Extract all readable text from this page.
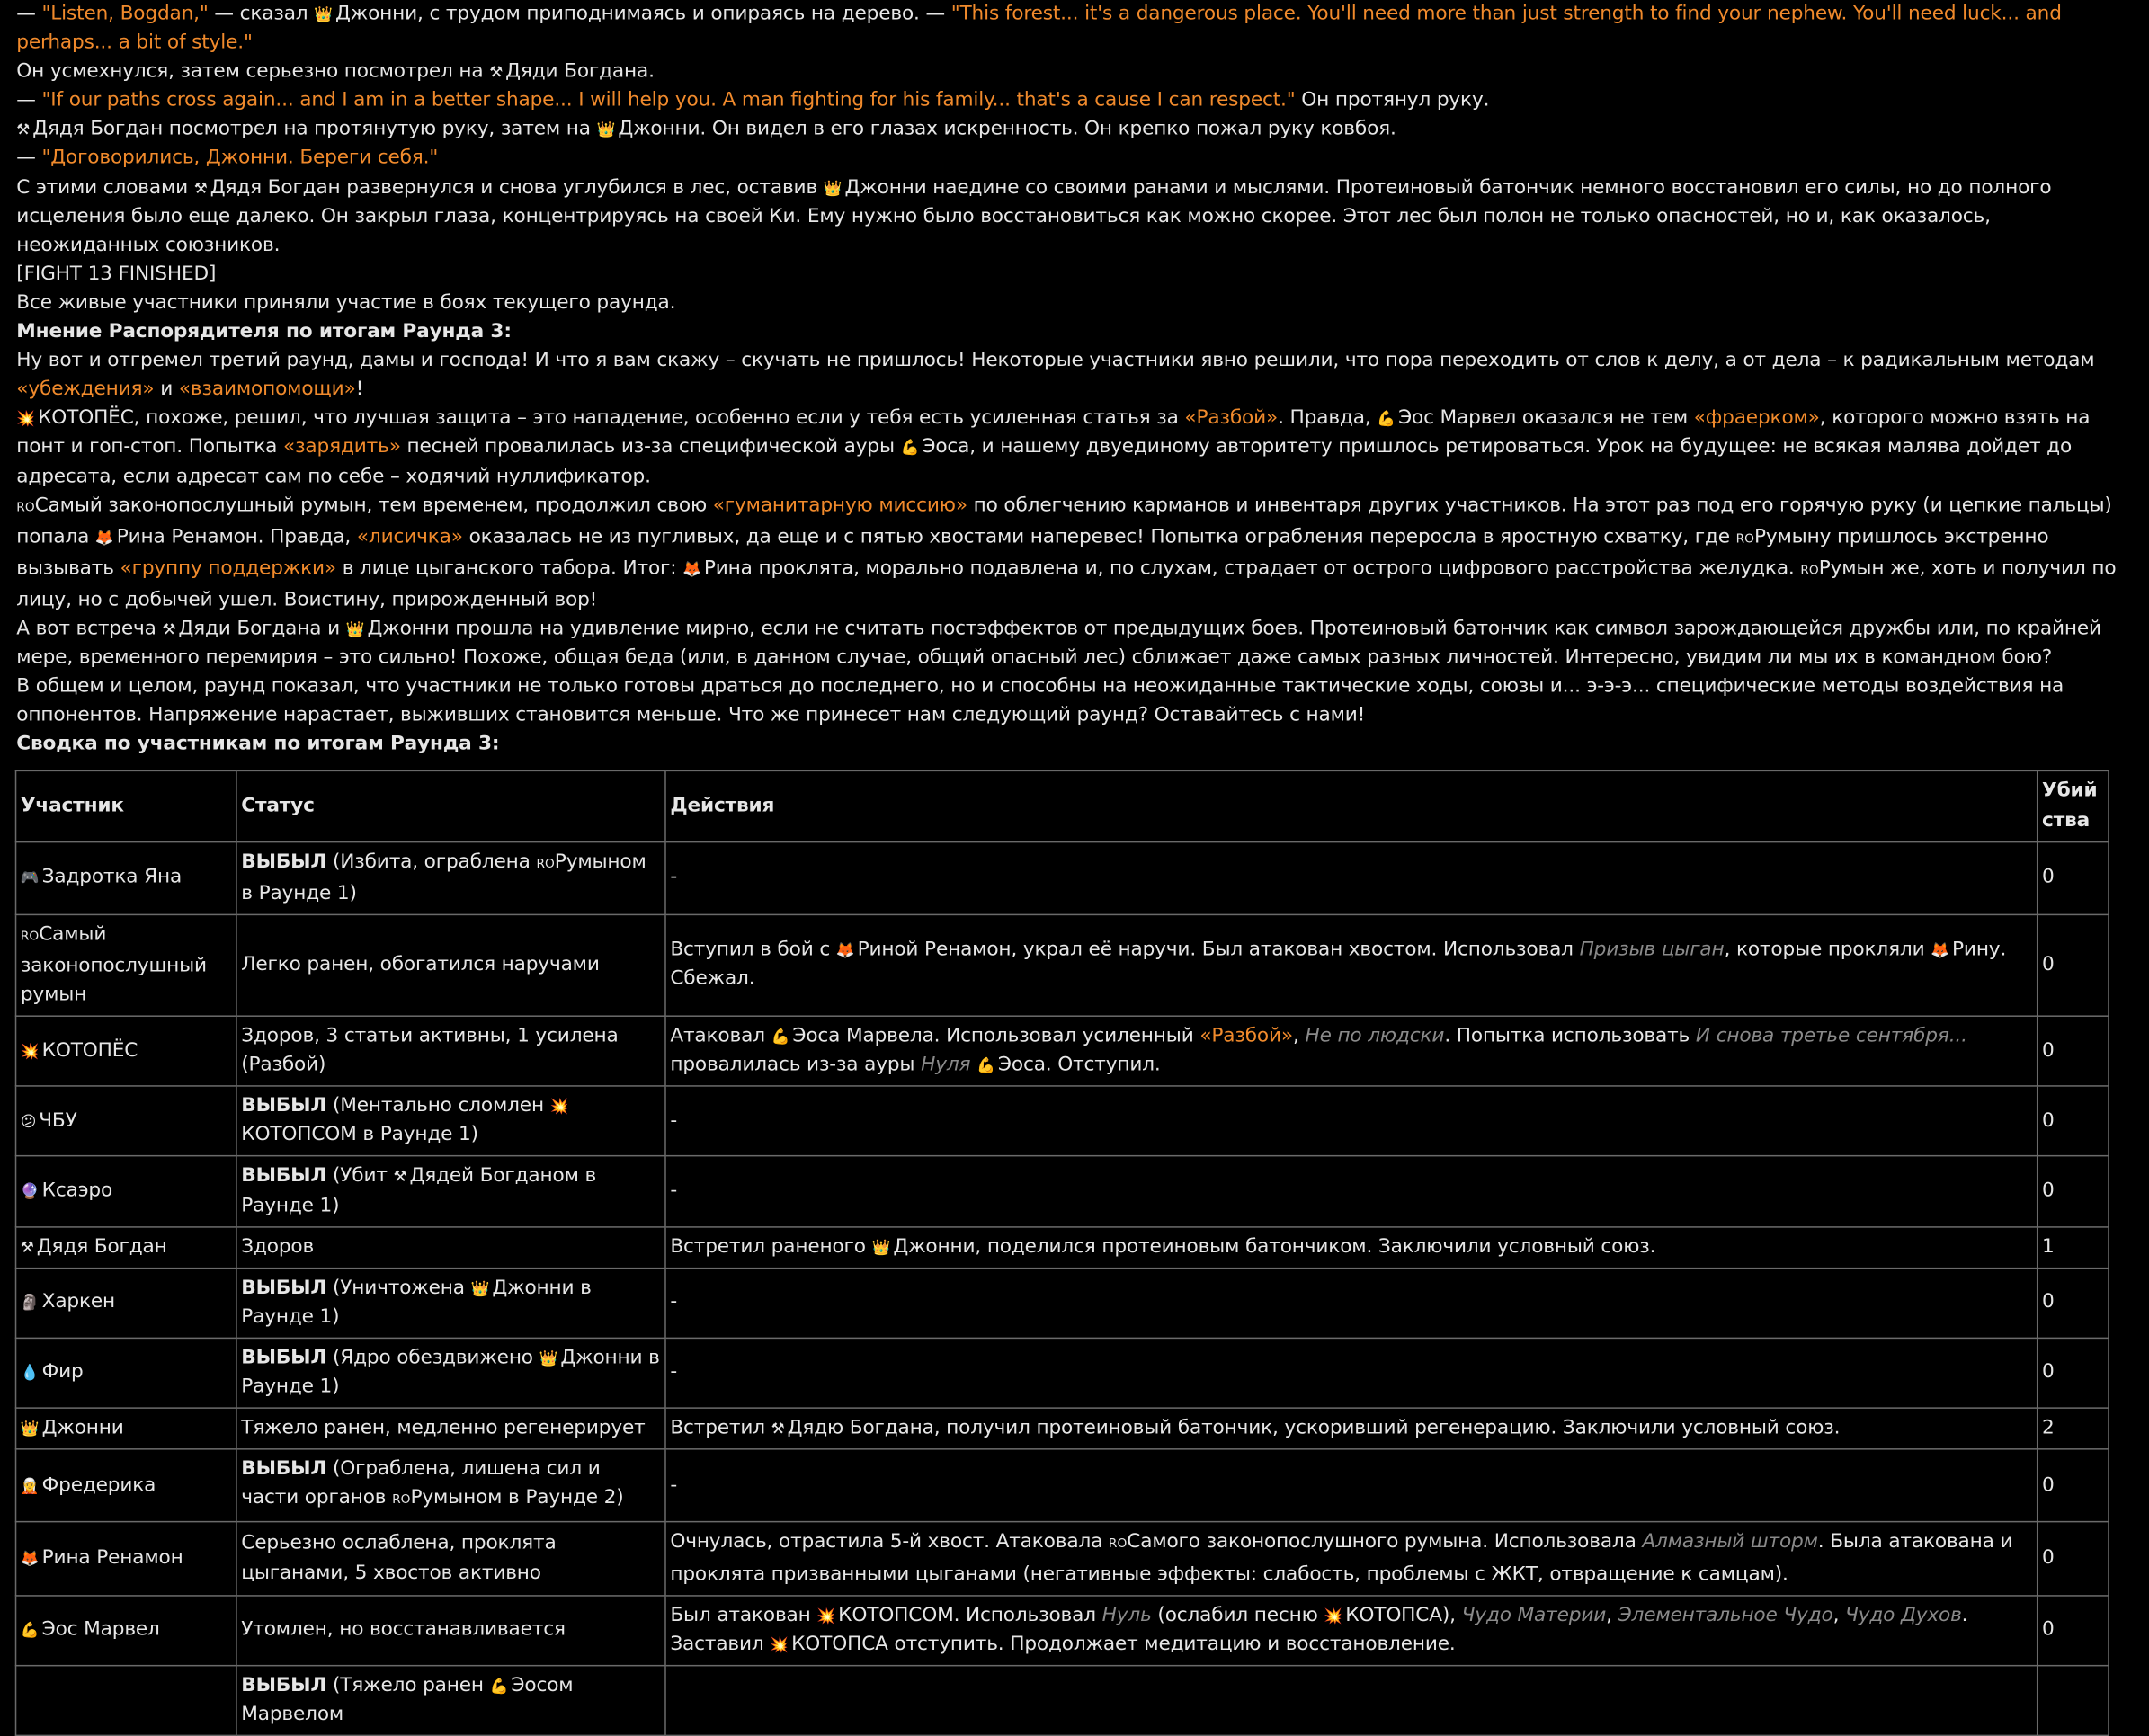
— "Listen, Bogdan," — сказал 👑 Джонни, с трудом приподнимаясь и опираясь на дерево. — "This forest... it's a dangerous place. You'll need more than just strength to find your nephew. You'll need luck... and perhaps... a bit of style."
Он усмехнулся, затем серьезно посмотрел на ⚒ Дяди Богдана.
— "If our paths cross again... and I am in a better shape... I will help you. A man fighting for his family... that's a cause I can respect." Он протянул руку.
⚒ Дядя Богдан посмотрел на протянутую руку, затем на 👑 Джонни. Он видел в его глазах искренность. Он крепко пожал руку ковбоя.
— "Договорились, Джонни. Береги себя."
С этими словами ⚒ Дядя Богдан развернулся и снова углубился в лес, оставив 👑 Джонни наедине со своими ранами и мыслями. Протеиновый батончик немного восстановил его силы, но до полного исцеления было еще далеко. Он закрыл глаза, концентрируясь на своей Ки. Ему нужно было восстановиться как можно скорее. Этот лес был полон не только опасностей, но и, как оказалось, неожиданных союзников.
[FIGHT 13 FINISHED]
Все живые участники приняли участие в боях текущего раунда.
Мнение Распорядителя по итогам Раунда 3:
Ну вот и отгремел третий раунд, дамы и господа! И что я вам скажу – скучать не пришлось! Некоторые участники явно решили, что пора переходить от слов к делу, а от дела – к радикальным методам «убеждения» и «взаимопомощи»!
💥 КОТОПЁС, похоже, решил, что лучшая защита – это нападение, особенно если у тебя есть усиленная статья за «Разбой». Правда, 💪 Эос Марвел оказался не тем «фраерком», которого можно взять на понт и гоп-стоп. Попытка «зарядить» песней провалилась из-за специфической ауры 💪 Эоса, и нашему двуединому авторитету пришлось ретироваться. Урок на будущее: не всякая малява дойдет до адресата, если адресат сам по себе – ходячий нуллификатор.
ROСамый законопослушный румын, тем временем, продолжил свою «гуманитарную миссию» по облегчению карманов и инвентаря других участников. На этот раз под его горячую руку (и цепкие пальцы) попала 🦊 Рина Ренамон. Правда, «лисичка» оказалась не из пугливых, да еще и с пятью хвостами наперевес! Попытка ограбления переросла в яростную схватку, где ROРумыну пришлось экстренно вызывать «группу поддержки» в лице цыганского табора. Итог: 🦊 Рина проклята, морально подавлена и, по слухам, страдает от острого цифрового расстройства желудка. ROРумын же, хоть и получил по лицу, но с добычей ушел. Воистину, прирожденный вор!
А вот встреча ⚒ Дяди Богдана и 👑 Джонни прошла на удивление мирно, если не считать постэффектов от предыдущих боев. Протеиновый батончик как символ зарождающейся дружбы или, по крайней мере, временного перемирия – это сильно! Похоже, общая беда (или, в данном случае, общий опасный лес) сближает даже самых разных личностей. Интересно, увидим ли мы их в командном бою?
В общем и целом, раунд показал, что участники не только готовы драться до последнего, но и способны на неожиданные тактические ходы, союзы и... э-э-э... специфические методы воздействия на оппонентов. Напряжение нарастает, выживших становится меньше. Что же принесет нам следующий раунд? Оставайтесь с нами!
Сводка по участникам по итогам Раунда 3:
Участник	Статус	Действия	Убийства
🎮 Задротка Яна	ВЫБЫЛ (Избита, ограблена ROРумыном в Раунде 1)	-	0
ROСамый законопослушный румын	Легко ранен, обогатился наручами	Вступил в бой с 🦊 Риной Ренамон, украл её наручи. Был атакован хвостом. Использовал Призыв цыган, которые прокляли 🦊 Рину. Сбежал.	0
💥 КОТОПЁС	Здоров, 3 статьи активны, 1 усилена (Разбой)	Атаковал 💪 Эоса Марвела. Использовал усиленный «Разбой», Не по людски. Попытка использовать И снова третье сентября... провалилась из-за ауры Нуля 💪 Эоса. Отступил.	0
😕 ЧБУ	ВЫБЫЛ (Ментально сломлен 💥КОТОПСОМ в Раунде 1)	-	0
🔮 Ксаэро	ВЫБЫЛ (Убит ⚒ Дядей Богданом в Раунде 1)	-	0
⚒ Дядя Богдан	Здоров	Встретил раненого 👑 Джонни, поделился протеиновым батончиком. Заключили условный союз.	1
🗿 Харкен	ВЫБЫЛ (Уничтожена 👑 Джонни в Раунде 1)	-	0
💧 Фир	ВЫБЫЛ (Ядро обездвижено 👑 Джонни в Раунде 1)	-	0
👑 Джонни	Тяжело ранен, медленно регенерирует	Встретил ⚒ Дядю Богдана, получил протеиновый батончик, ускоривший регенерацию. Заключили условный союз.	2
🧝 Фредерика	ВЫБЫЛ (Ограблена, лишена сил и части органов ROРумыном в Раунде 2)	-	0
🦊 Рина Ренамон	Серьезно ослаблена, проклята цыганами, 5 хвостов активно	Очнулась, отрастила 5-й хвост. Атаковала ROСамого законопослушного румына. Использовала Алмазный шторм. Была атакована и проклята призванными цыганами (негативные эффекты: слабость, проблемы с ЖКТ, отвращение к самцам).	0
💪 Эос Марвел	Утомлен, но восстанавливается	Был атакован 💥 КОТОПСОМ. Использовал Нуль (ослабил песню 💥 КОТОПСА), Чудо Материи, Элементальное Чудо, Чудо Духов. Заставил 💥 КОТОПСА отступить. Продолжает медитацию и восстановление.	0
	ВЫБЫЛ (Тяжело ранен 💪 Эосом Марвелом		
